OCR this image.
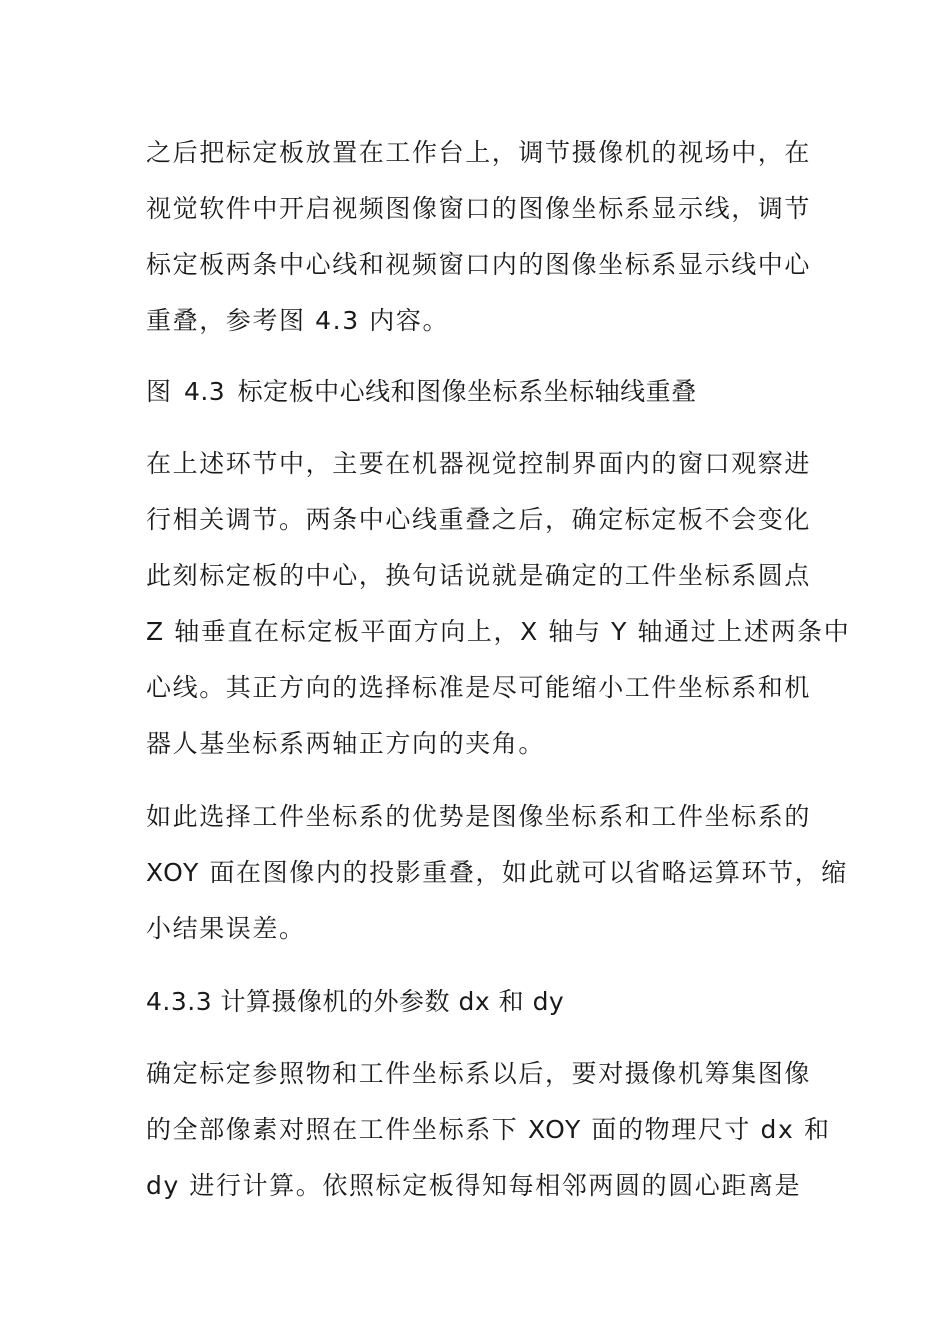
之后把标定板放置在工作台上，调节摄像机的视场中，在
视觉软件中开启视频图像窗口的图像坐标系显示线，调节
标定板两条中心线和视频窗口内的图像坐标系显示线中心
重叠，参考图 4.3 内容。
图 4.3 标定板中心线和图像坐标系坐标轴线重叠
在上述环节中，主要在机器视觉控制界面内的窗口观察进
行相关调节。两条中心线重叠之后，确定标定板不会变化
此刻标定板的中心，换句话说就是确定的工件坐标系圆点
Z 轴垂直在标定板平面方向上，X 轴与 Y 轴通过上述两条中
心线。其正方向的选择标准是尽可能缩小工件坐标系和机
器人基坐标系两轴正方向的夹角。
如此选择工件坐标系的优势是图像坐标系和工件坐标系的
XOY 面在图像内的投影重叠，如此就可以省略运算环节，缩
小结果误差。
4.3.3 计算摄像机的外参数 dx 和 dy
确定标定参照物和工件坐标系以后，要对摄像机筹集图像
的全部像素对照在工件坐标系下 XOY 面的物理尺寸 dx 和
dy 进行计算。依照标定板得知每相邻两圆的圆心距离是
